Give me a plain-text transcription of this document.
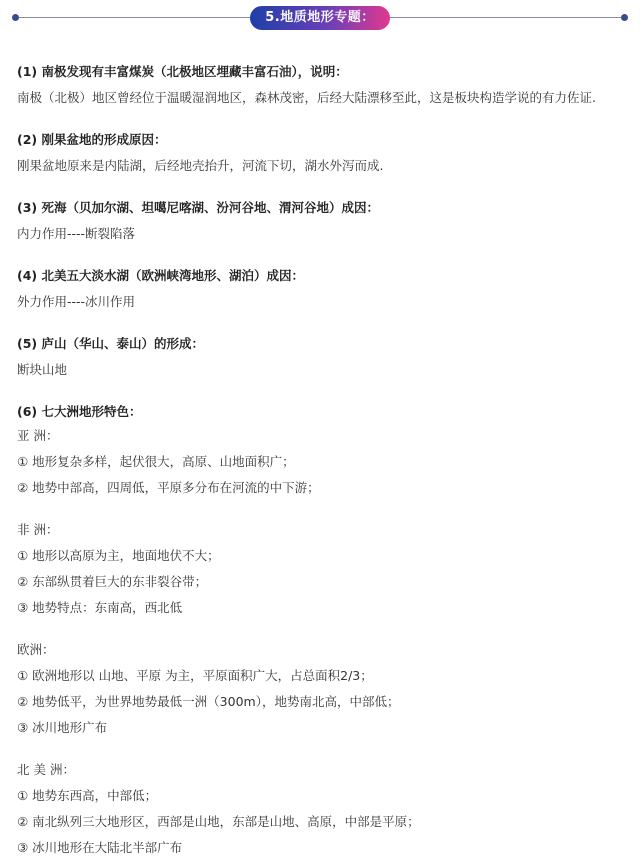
5.地质地形专题：
(1) 南极发现有丰富煤炭（北极地区埋藏丰富石油），说明：
南极（北极）地区曾经位于温暖湿润地区，森林茂密，后经大陆漂移至此，这是板块构造学说的有力佐证.
(2) 刚果盆地的形成原因：
刚果盆地原来是内陆湖，后经地壳抬升，河流下切，湖水外泻而成.
(3) 死海（贝加尔湖、坦噶尼喀湖、汾河谷地、渭河谷地）成因：
内力作用----断裂陷落
(4) 北美五大淡水湖（欧洲峡湾地形、湖泊）成因：
外力作用----冰川作用
(5) 庐山（华山、泰山）的形成：
断块山地
(6) 七大洲地形特色：
亚 洲：
① 地形复杂多样，起伏很大，高原、山地面积广；
② 地势中部高，四周低，平原多分布在河流的中下游；
非 洲：
① 地形以高原为主，地面地伏不大；
② 东部纵贯着巨大的东非裂谷带；
③ 地势特点：东南高，西北低
欧洲：
① 欧洲地形以 山地、平原 为主，平原面积广大，占总面积2/3；
② 地势低平，为世界地势最低一洲（300m），地势南北高，中部低；
③ 冰川地形广布
北 美 洲：
① 地势东西高，中部低；
② 南北纵列三大地形区，西部是山地，东部是山地、高原，中部是平原；
③ 冰川地形在大陆北半部广布
